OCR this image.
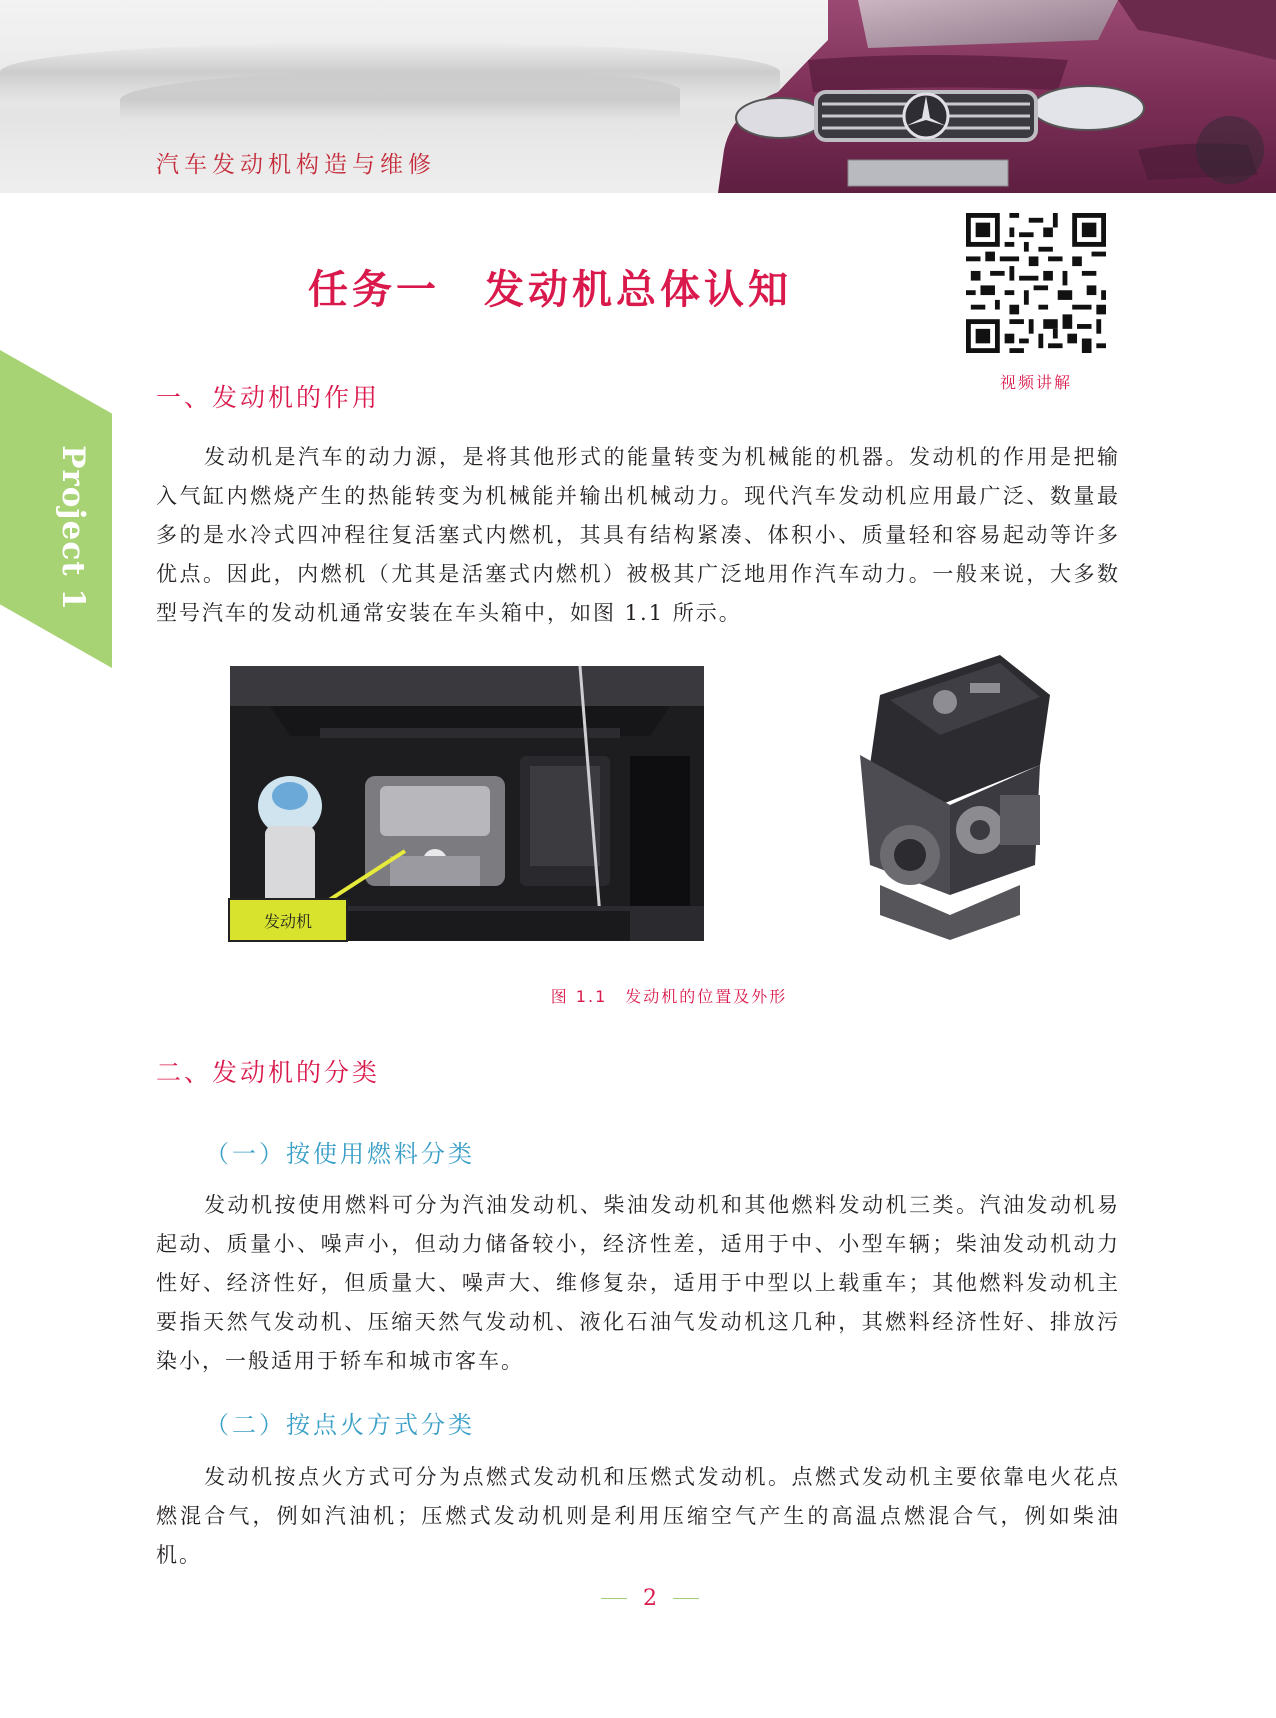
汽车发动机构造与维修
Project 1
任务一　发动机总体认知
视频讲解
一、发动机的作用

发动机是汽车的动力源，是将其他形式的能量转变为机械能的机器。发动机的作用是把输入气缸内燃烧产生的热能转变为机械能并输出机械动力。现代汽车发动机应用最广泛、数量最多的是水冷式四冲程往复活塞式内燃机，其具有结构紧凑、体积小、质量轻和容易起动等许多优点。因此，内燃机（尤其是活塞式内燃机）被极其广泛地用作汽车动力。一般来说，大多数型号汽车的发动机通常安装在车头箱中，如图 1.1 所示。

发动机
图 1.1　发动机的位置及外形
二、发动机的分类
（一）按使用燃料分类

发动机按使用燃料可分为汽油发动机、柴油发动机和其他燃料发动机三类。汽油发动机易起动、质量小、噪声小，但动力储备较小，经济性差，适用于中、小型车辆；柴油发动机动力性好、经济性好，但质量大、噪声大、维修复杂，适用于中型以上载重车；其他燃料发动机主要指天然气发动机、压缩天然气发动机、液化石油气发动机这几种，其燃料经济性好、排放污染小，一般适用于轿车和城市客车。

（二）按点火方式分类

发动机按点火方式可分为点燃式发动机和压燃式发动机。点燃式发动机主要依靠电火花点燃混合气，例如汽油机；压燃式发动机则是利用压缩空气产生的高温点燃混合气，例如柴油机。

2
